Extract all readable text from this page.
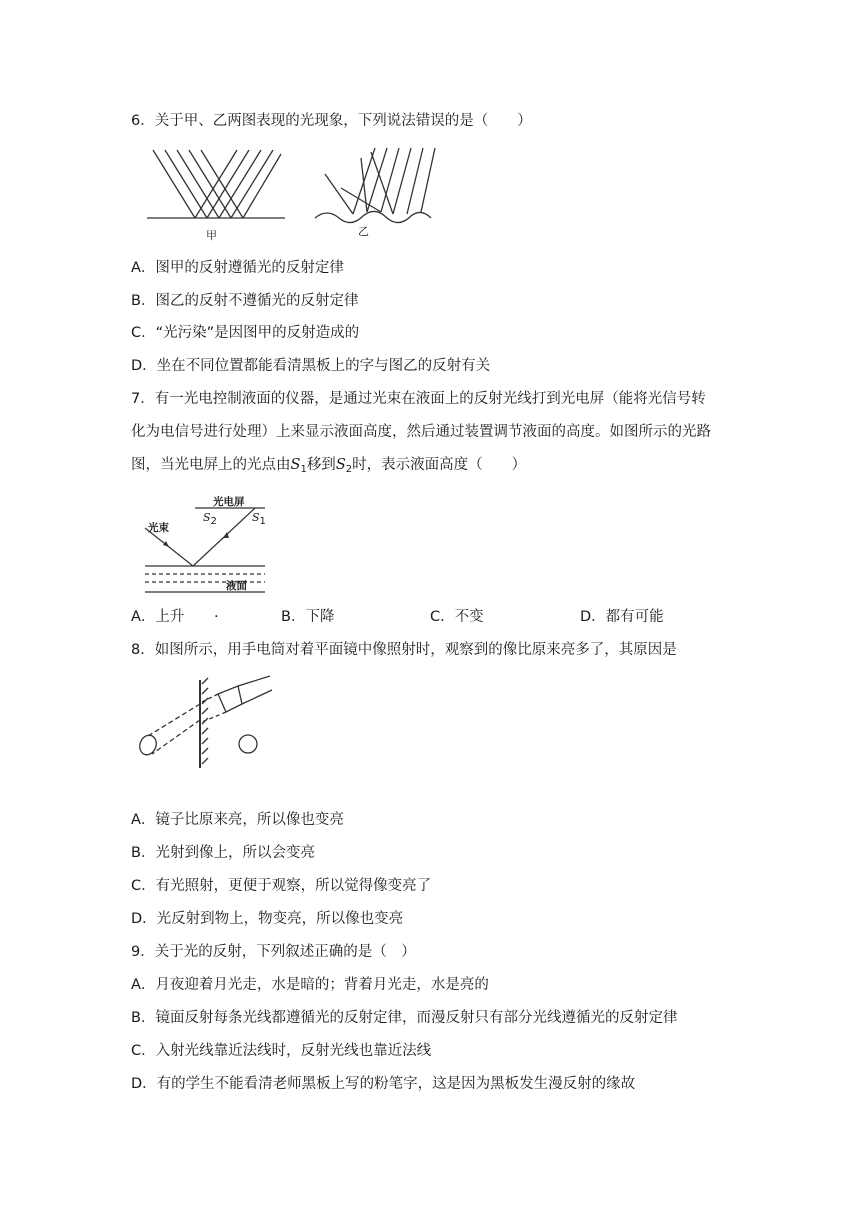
6．关于甲、乙两图表现的光现象，下列说法错误的是（　　）
甲	乙
A．图甲的反射遵循光的反射定律
B．图乙的反射不遵循光的反射定律
C．“光污染”是因图甲的反射造成的
D．坐在不同位置都能看清黑板上的字与图乙的反射有关
7．有一光电控制液面的仪器，是通过光束在液面上的反射光线打到光电屏（能将光信号转
化为电信号进行处理）上来显示液面高度，然后通过装置调节液面的高度。如图所示的光路
图，当光电屏上的光点由$S_1$移到$S_2$时，表示液面高度（　　）
光电屏
光束
液面
$S_2$	$S_1$
A．上升 ·	B．下降	C．不变	D．都有可能
8．如图所示，用手电筒对着平面镜中像照射时，观察到的像比原来亮多了，其原因是
A．镜子比原来亮，所以像也变亮
B．光射到像上，所以会变亮
C．有光照射，更便于观察，所以觉得像变亮了
D．光反射到物上，物变亮，所以像也变亮
9．关于光的反射，下列叙述正确的是（　）
A．月夜迎着月光走，水是暗的；背着月光走，水是亮的
B．镜面反射每条光线都遵循光的反射定律，而漫反射只有部分光线遵循光的反射定律
C．入射光线靠近法线时，反射光线也靠近法线
D．有的学生不能看清老师黑板上写的粉笔字，这是因为黑板发生漫反射的缘故
